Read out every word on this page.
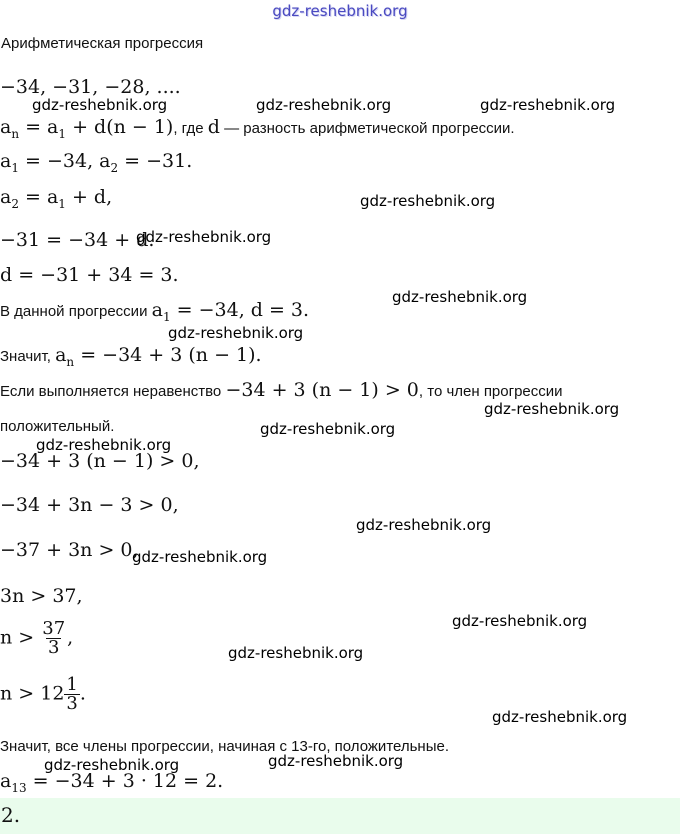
gdz-reshebnik.org
Арифметическая прогрессия
−34, −31, −28, ....
$a_n = a_1 + d(n - 1)$, где d — разность арифметической прогрессии.
$a_1 = -34$, $a_2 = -31$.
$a_2 = a_1 + d$,
−31 = −34 + d.
d = −31 + 34 = 3.
В данной прогрессии $a_1 = -34$, d = 3.
Значит, $a_n = -34 + 3$ (n − 1).
Если выполняется неравенство −34 + 3 (n − 1) > 0, то член прогрессии
положительный.
−34 + 3 (n − 1) > 0,
−34 + 3n − 3 > 0,
−37 + 3n > 0,
3n > 37,
$n > \frac{37}{3}$ ,
$n > 12 \frac{1}{3}$ .
Значит, все члены прогрессии, начиная с 13-го, положительные.
$a_{13} = -34 + 3 \cdot 12 = 2$.
gdz-reshebnik.org	gdz-reshebnik.org	gdz-reshebnik.org
gdz-reshebnik.org
gdz-reshebnik.org
gdz-reshebnik.org
gdz-reshebnik.org
gdz-reshebnik.org
gdz-reshebnik.org
gdz-reshebnik.org
gdz-reshebnik.org
gdz-reshebnik.org
gdz-reshebnik.org
gdz-reshebnik.org
gdz-reshebnik.org
gdz-reshebnik.org
gdz-reshebnik.org
2.
